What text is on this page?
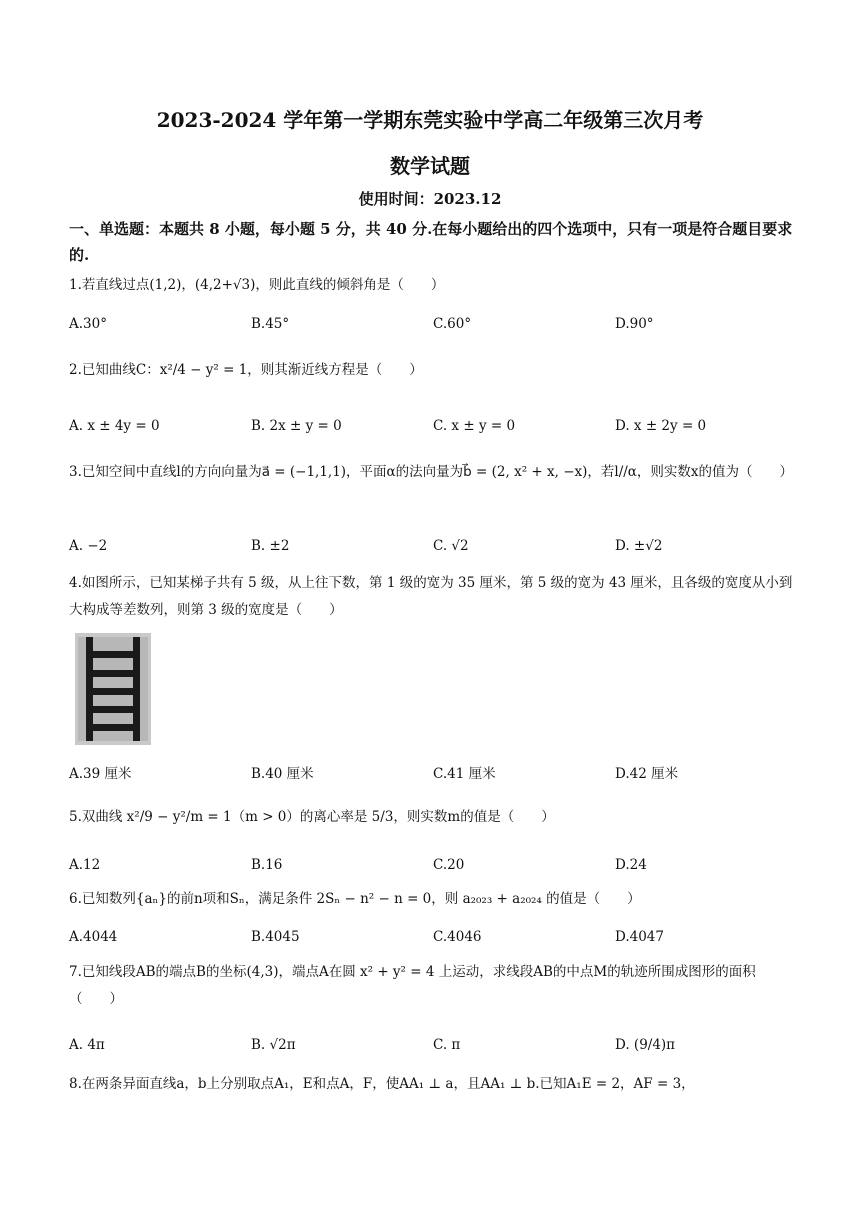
2023-2024 学年第一学期东莞实验中学高二年级第三次月考
数学试题
使用时间：2023.12
一、单选题：本题共 8 小题，每小题 5 分，共 40 分.在每小题给出的四个选项中，只有一项是符合题目要求的.
1.若直线过点(1,2)，(4,2+√3)，则此直线的倾斜角是（　　）
A.30°	B.45°	C.60°	D.90°
2.已知曲线C：x²/4 − y² = 1，则其渐近线方程是（　　）
A. x ± 4y = 0	B. 2x ± y = 0	C. x ± y = 0	D. x ± 2y = 0
3.已知空间中直线l的方向向量为a⃗ = (−1,1,1)，平面α的法向量为b⃗ = (2, x² + x, −x)，若l//α，则实数x的值为（　　）
A. −2	B. ±2	C. √2	D. ±√2
4.如图所示，已知某梯子共有 5 级，从上往下数，第 1 级的宽为 35 厘米，第 5 级的宽为 43 厘米，且各级的宽度从小到大构成等差数列，则第 3 级的宽度是（　　）
A.39 厘米	B.40 厘米	C.41 厘米	D.42 厘米
5.双曲线 x²/9 − y²/m = 1（m > 0）的离心率是 5/3，则实数m的值是（　　）
A.12	B.16	C.20	D.24
6.已知数列{aₙ}的前n项和Sₙ，满足条件 2Sₙ − n² − n = 0，则 a₂₀₂₃ + a₂₀₂₄ 的值是（　　）
A.4044	B.4045	C.4046	D.4047
7.已知线段AB的端点B的坐标(4,3)，端点A在圆 x² + y² = 4 上运动，求线段AB的中点M的轨迹所围成图形的面积（　　）
A. 4π	B. √2π	C. π	D. (9/4)π
8.在两条异面直线a，b上分别取点A₁，E和点A，F，使AA₁ ⊥ a，且AA₁ ⊥ b.已知A₁E = 2，AF = 3，
